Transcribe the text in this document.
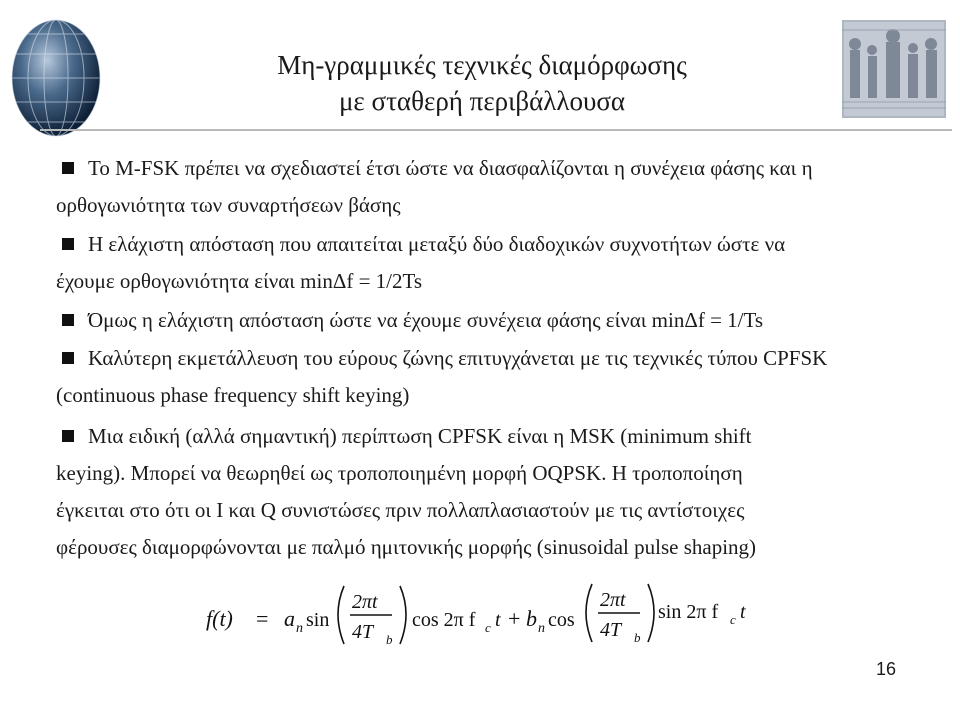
Μη-γραμμικές τεχνικές διαμόρφωσης
με σταθερή περιβάλλουσα
Το M-FSK πρέπει να σχεδιαστεί έτσι ώστε να διασφαλίζονται η συνέχεια φάσης και η
ορθογωνιότητα των συναρτήσεων βάσης
Η ελάχιστη απόσταση που απαιτείται μεταξύ δύο διαδοχικών συχνοτήτων ώστε να
έχουμε ορθογωνιότητα είναι minΔf = 1/2Ts
Όμως η ελάχιστη απόσταση ώστε να έχουμε συνέχεια φάσης είναι minΔf = 1/Ts
Καλύτερη εκμετάλλευση του εύρους ζώνης επιτυγχάνεται με τις τεχνικές τύπου CPFSK
(continuous phase frequency shift keying)
Μια ειδική (αλλά σημαντική) περίπτωση CPFSK είναι η MSK (minimum shift
keying). Μπορεί να θεωρηθεί ως τροποποιημένη μορφή OQPSK. Η τροποποίηση
έγκειται στο ότι οι I και Q συνιστώσες πριν πολλαπλασιαστούν με τις αντίστοιχες
φέρουσες διαμορφώνονται με παλμό ημιτονικής μορφής (sinusoidal pulse shaping)
f(t) = a n sin
2πt
4T b
cos 2π f c t + b n cos
2πt
4T b
sin 2π f c t
16
